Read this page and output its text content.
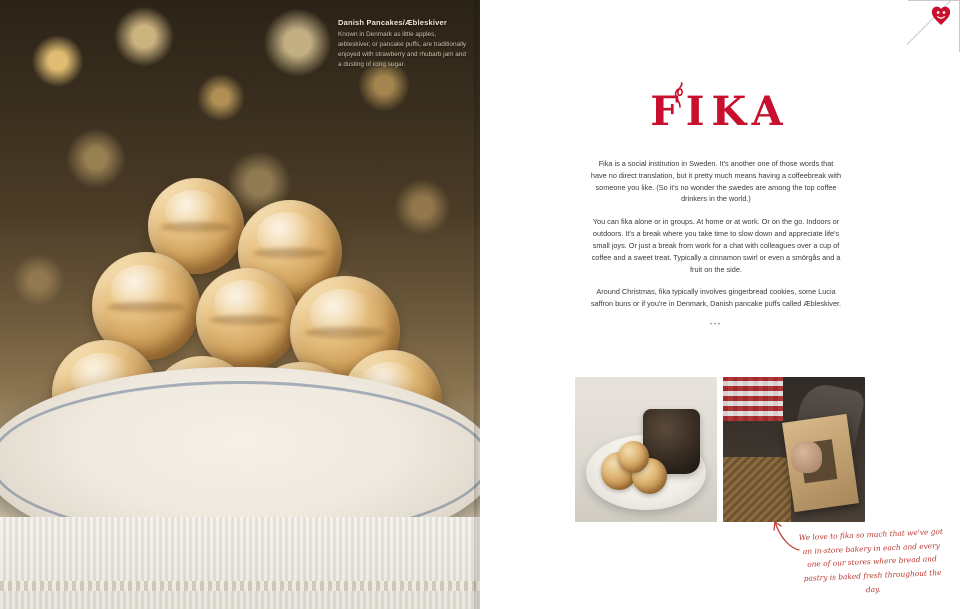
Danish Pancakes/Æbleskiver

Known in Denmark as little apples, æbleskiver, or pancake puffs, are traditionally enjoyed with strawberry and rhubarb jam and a dusting of icing sugar.

FIKA

Fika is a social institution in Sweden. It's another one of those words that have no direct translation, but it pretty much means having a coffeebreak with someone you like. (So it's no wonder the swedes are among the top coffee drinkers in the world.)

You can fika alone or in groups. At home or at work. Or on the go. Indoors or outdoors. It's a break where you take time to slow down and appreciate life's small joys. Or just a break from work for a chat with colleagues over a cup of coffee and a sweet treat. Typically a cinnamon swirl or even a smörgås and a fruit on the side.

Around Christmas, fika typically involves gingerbread cookies, some Lucia saffron buns or if you're in Denmark, Danish pancake puffs called Æbleskiver.

•••
We love to fika so much that we've got an in-store bakery in each and every one of our stores where bread and pastry is baked fresh throughout the day.
